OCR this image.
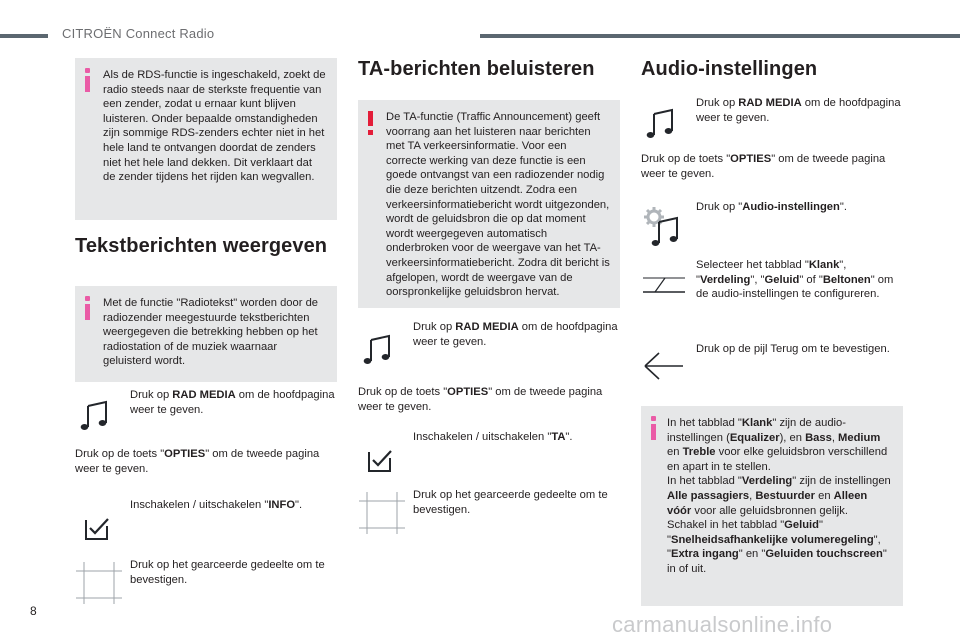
CITROËN Connect Radio
Als de RDS-functie is ingeschakeld, zoekt de radio steeds naar de sterkste frequentie van een zender, zodat u ernaar kunt blijven luisteren. Onder bepaalde omstandigheden zijn sommige RDS-zenders echter niet in het hele land te ontvangen doordat de zenders niet het hele land dekken. Dit verklaart dat de zender tijdens het rijden kan wegvallen.
Tekstberichten weergeven
Met de functie "Radiotekst" worden door de radiozender meegestuurde tekstberichten weergegeven die betrekking hebben op het radiostation of de muziek waarnaar geluisterd wordt.
Druk op RAD MEDIA om de hoofdpagina weer te geven.
Druk op de toets "OPTIES" om de tweede pagina weer te geven.
Inschakelen / uitschakelen "INFO".
Druk op het gearceerde gedeelte om te bevestigen.
TA-berichten beluisteren
De TA-functie (Traffic Announcement) geeft voorrang aan het luisteren naar berichten met TA verkeersinformatie. Voor een correcte werking van deze functie is een goede ontvangst van een radiozender nodig die deze berichten uitzendt. Zodra een verkeersinformatiebericht wordt uitgezonden, wordt de geluidsbron die op dat moment wordt weergegeven automatisch onderbroken voor de weergave van het TA-verkeersinformatiebericht. Zodra dit bericht is afgelopen, wordt de weergave van de oorspronkelijke geluidsbron hervat.
Druk op RAD MEDIA om de hoofdpagina weer te geven.
Druk op de toets "OPTIES" om de tweede pagina weer te geven.
Inschakelen / uitschakelen "TA".
Druk op het gearceerde gedeelte om te bevestigen.
Audio-instellingen
Druk op RAD MEDIA om de hoofdpagina weer te geven.
Druk op de toets "OPTIES" om de tweede pagina weer te geven.
Druk op "Audio-instellingen".
Selecteer het tabblad "Klank", "Verdeling", "Geluid" of "Beltonen" om de audio-instellingen te configureren.
Druk op de pijl Terug om te bevestigen.
In het tabblad "Klank" zijn de audio-instellingen (Equalizer), en Bass, Medium en Treble voor elke geluidsbron verschillend en apart in te stellen.
In het tabblad "Verdeling" zijn de instellingen Alle passagiers, Bestuurder en Alleen vóór voor alle geluidsbronnen gelijk.
Schakel in het tabblad "Geluid" "Snelheidsafhankelijke volumeregeling", "Extra ingang" en "Geluiden touchscreen" in of uit.
8
carmanualsonline.info
